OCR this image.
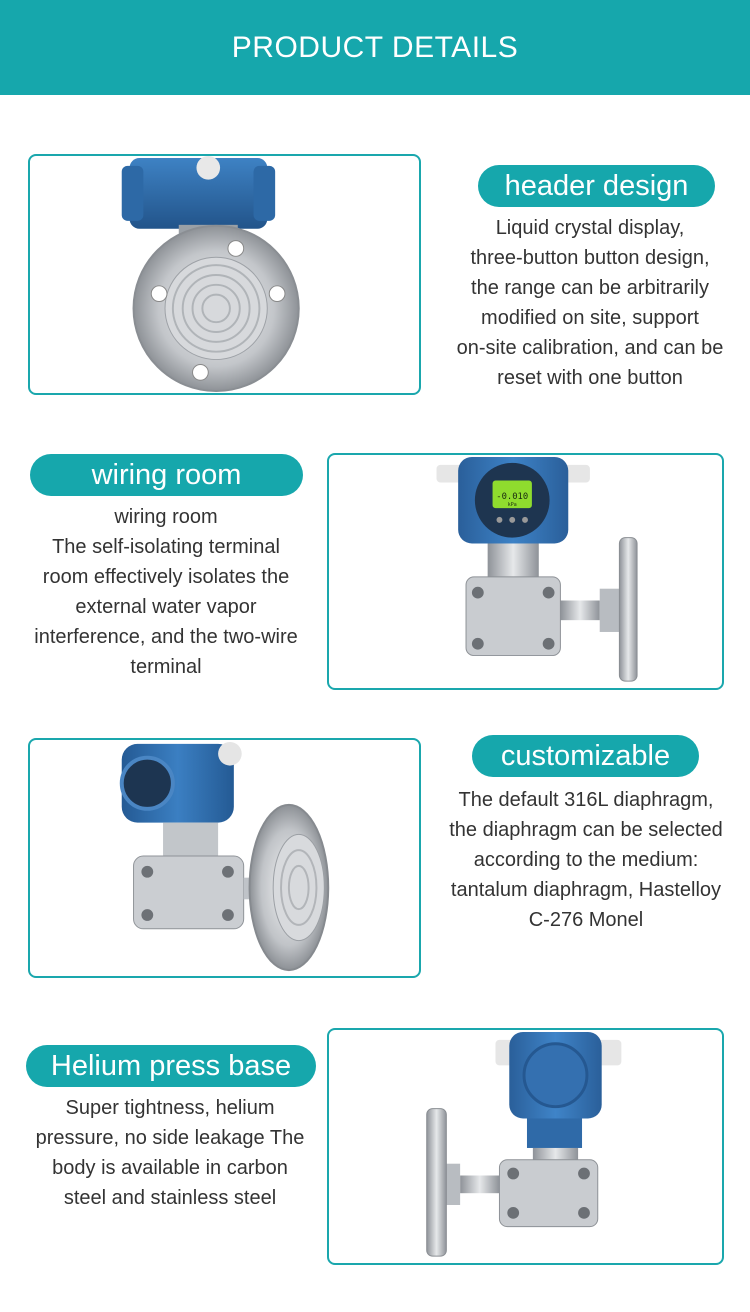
PRODUCT DETAILS
header design
Liquid crystal display,
three-button button design,
the range can be arbitrarily
modified on site, support
on-site calibration, and can be
reset with one button
wiring room
wiring room
The self-isolating terminal
room effectively isolates the
external water vapor
interference, and the two-wire
terminal
-0.010
kPa
customizable
The default 316L diaphragm,
the diaphragm can be selected
according to the medium:
tantalum diaphragm, Hastelloy
C-276 Monel
Helium press base
Super tightness, helium
pressure, no side leakage The
body is available in carbon
steel and stainless steel
